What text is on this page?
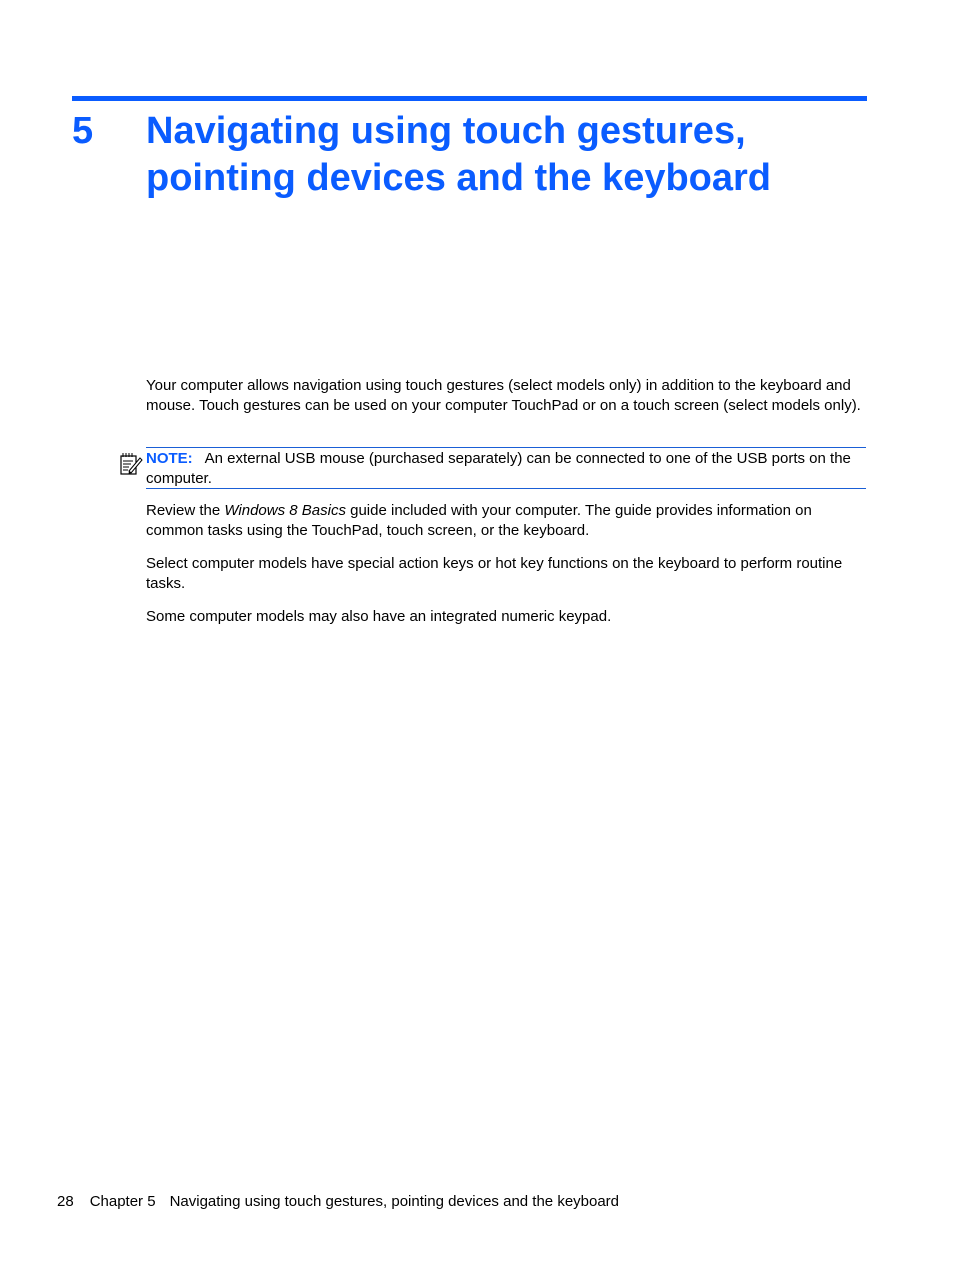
5 Navigating using touch gestures, pointing devices and the keyboard

Your computer allows navigation using touch gestures (select models only) in addition to the keyboard and mouse. Touch gestures can be used on your computer TouchPad or on a touch screen (select models only).

NOTE: An external USB mouse (purchased separately) can be connected to one of the USB ports on the computer.

Review the Windows 8 Basics guide included with your computer. The guide provides information on common tasks using the TouchPad, touch screen, or the keyboard.

Select computer models have special action keys or hot key functions on the keyboard to perform routine tasks.

Some computer models may also have an integrated numeric keypad.

28 Chapter 5 Navigating using touch gestures, pointing devices and the keyboard
